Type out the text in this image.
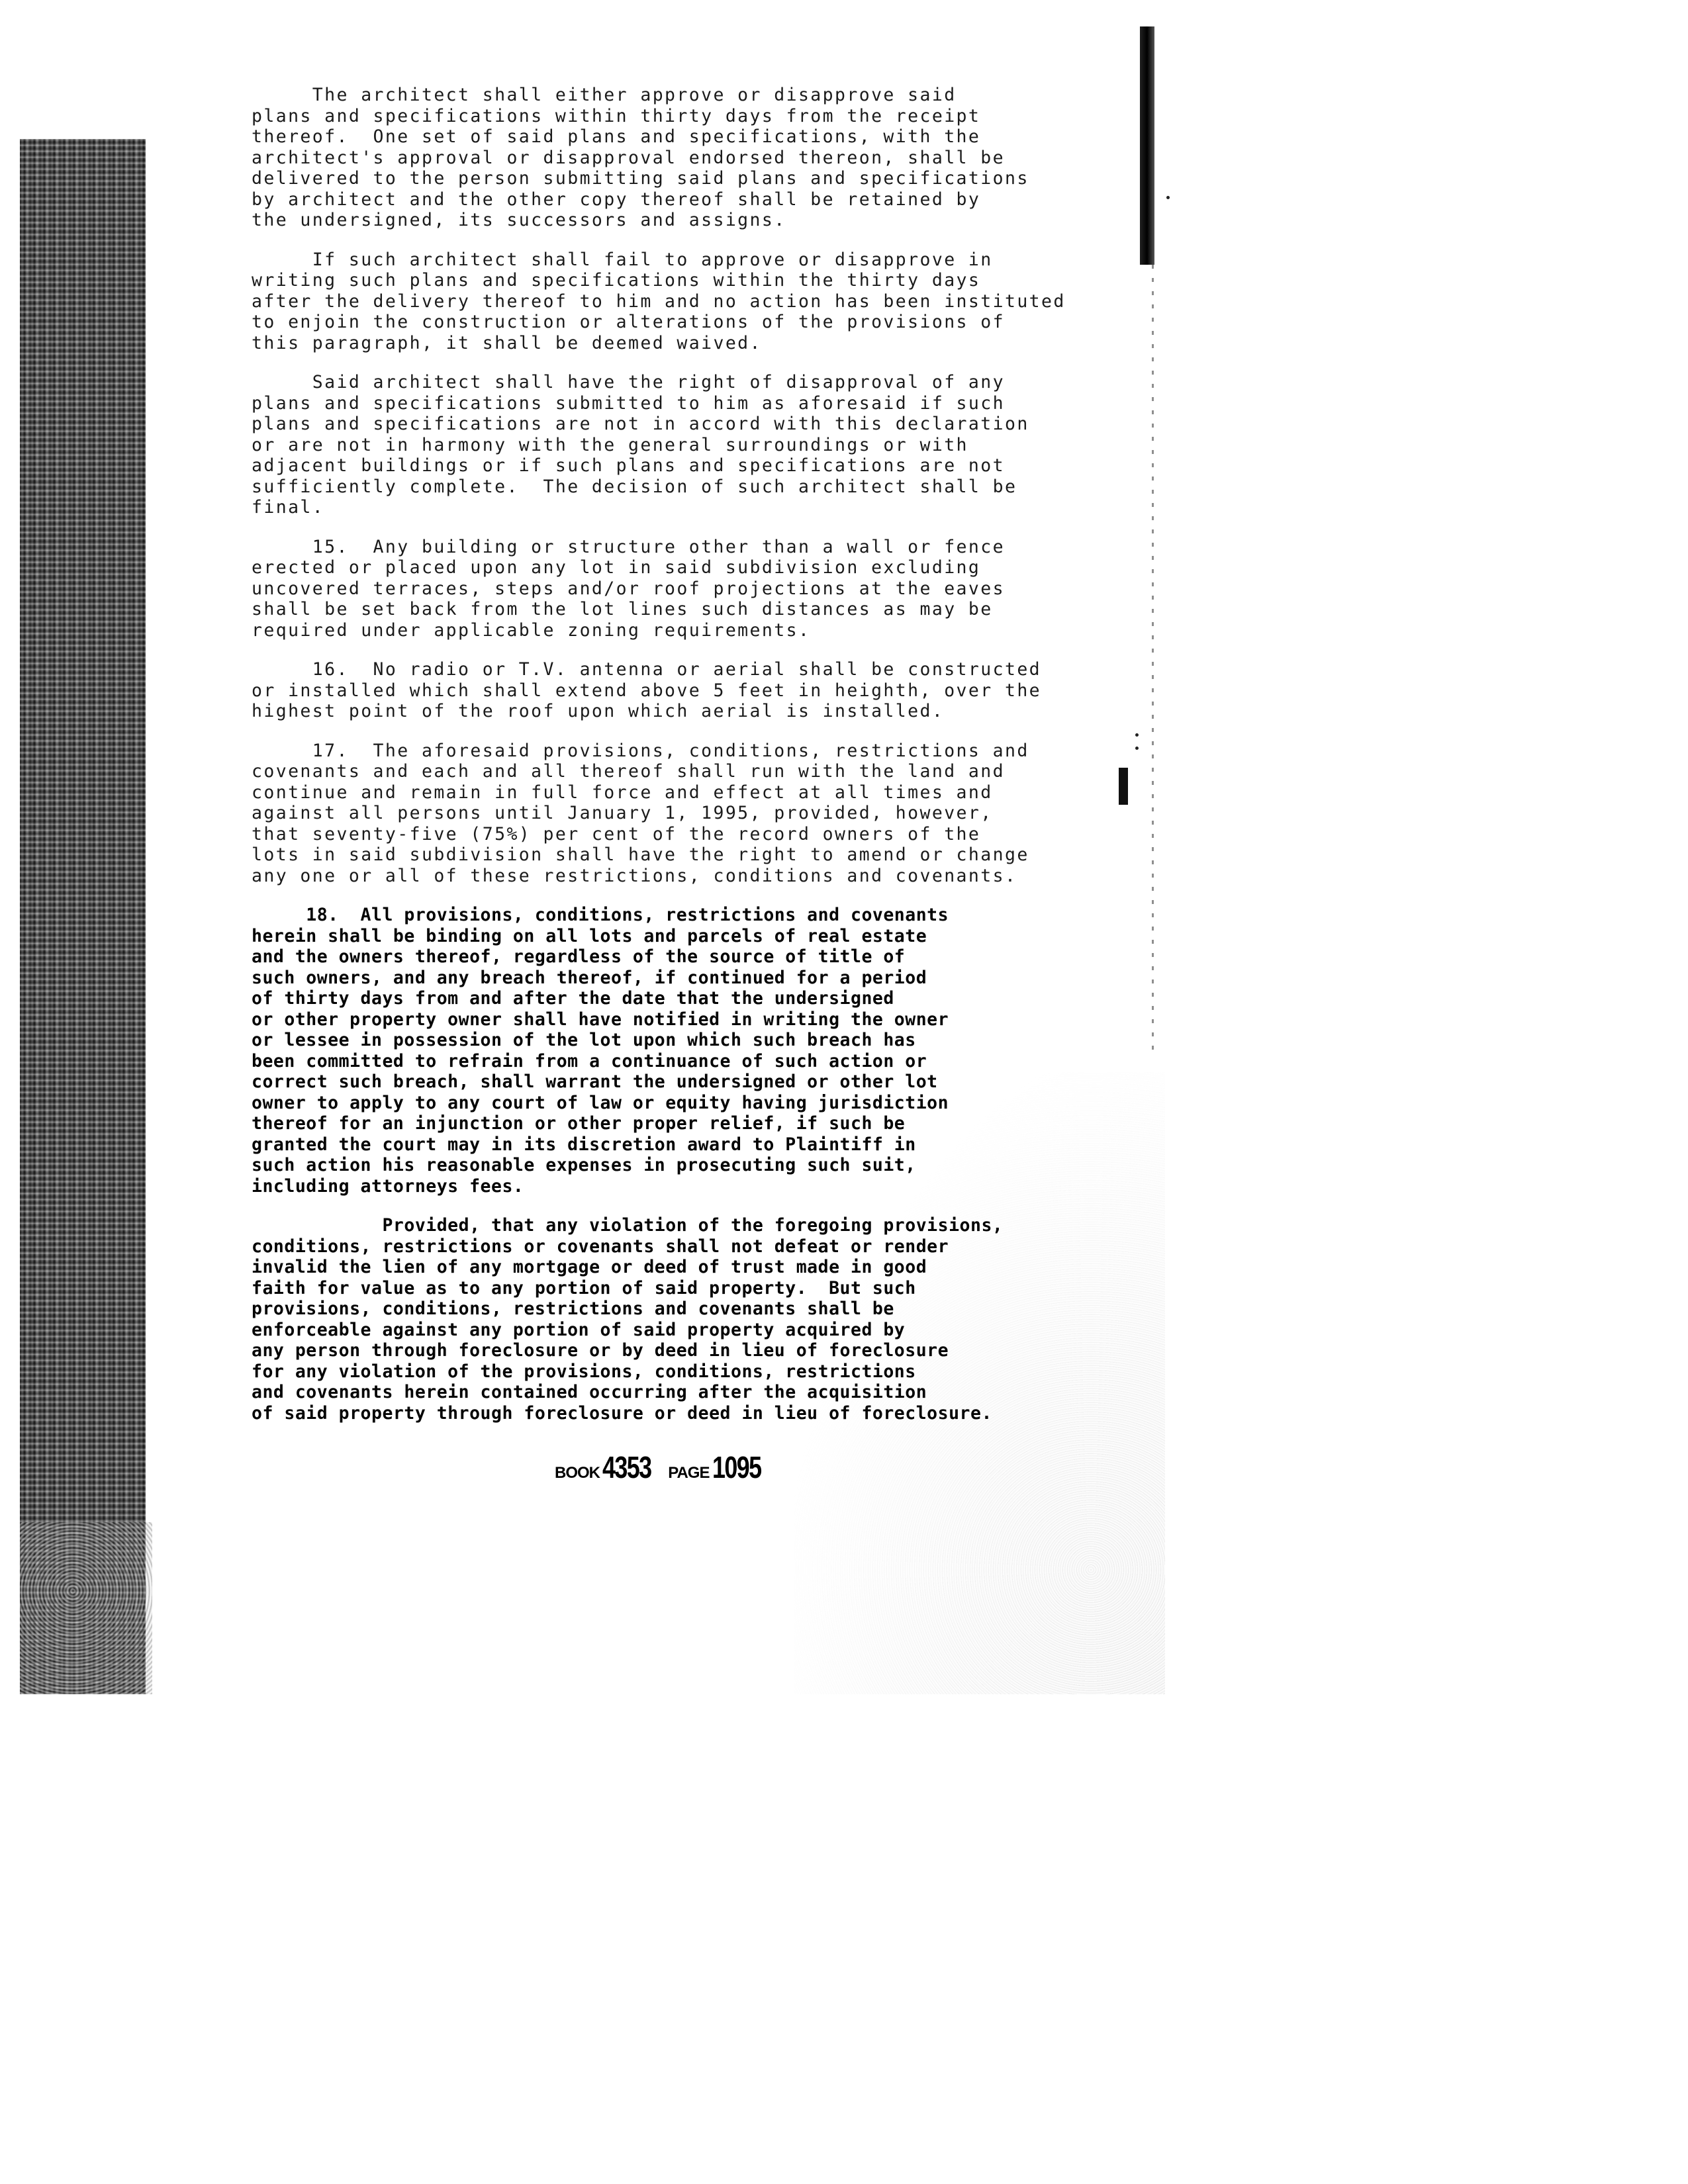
The architect shall either approve or disapprove said
plans and specifications within thirty days from the receipt
thereof.  One set of said plans and specifications, with the
architect's approval or disapproval endorsed thereon, shall be
delivered to the person submitting said plans and specifications
by architect and the other copy thereof shall be retained by
the undersigned, its successors and assigns.

If such architect shall fail to approve or disapprove in
writing such plans and specifications within the thirty days
after the delivery thereof to him and no action has been instituted
to enjoin the construction or alterations of the provisions of
this paragraph, it shall be deemed waived.

Said architect shall have the right of disapproval of any
plans and specifications submitted to him as aforesaid if such
plans and specifications are not in accord with this declaration
or are not in harmony with the general surroundings or with
adjacent buildings or if such plans and specifications are not
sufficiently complete.  The decision of such architect shall be
final.

15.  Any building or structure other than a wall or fence
erected or placed upon any lot in said subdivision excluding
uncovered terraces, steps and/or roof projections at the eaves
shall be set back from the lot lines such distances as may be
required under applicable zoning requirements.

16.  No radio or T.V. antenna or aerial shall be constructed
or installed which shall extend above 5 feet in heighth, over the
highest point of the roof upon which aerial is installed.

17.  The aforesaid provisions, conditions, restrictions and
covenants and each and all thereof shall run with the land and
continue and remain in full force and effect at all times and
against all persons until January 1, 1995, provided, however,
that seventy-five (75%) per cent of the record owners of the
lots in said subdivision shall have the right to amend or change
any one or all of these restrictions, conditions and covenants.

18.  All provisions, conditions, restrictions and covenants
herein shall be binding on all lots and parcels of real estate
and the owners thereof, regardless of the source of title of
such owners, and any breach thereof, if continued for a period
of thirty days from and after the date that the undersigned
or other property owner shall have notified in writing the owner
or lessee in possession of the lot upon which such breach has
been committed to refrain from a continuance of such action or
correct such breach, shall warrant the undersigned or other lot
owner to apply to any court of law or equity having jurisdiction
thereof for an injunction or other proper relief, if such be
granted the court may in its discretion award to Plaintiff in
such action his reasonable expenses in prosecuting such suit,
including attorneys fees.

Provided, that any violation of the foregoing provisions,
conditions, restrictions or covenants shall not defeat or render
invalid the lien of any mortgage or deed of trust made in good
faith for value as to any portion of said property.  But such
provisions, conditions, restrictions and covenants shall be
enforceable against any portion of said property acquired by
any person through foreclosure or by deed in lieu of foreclosure
for any violation of the provisions, conditions, restrictions
and covenants herein contained occurring after the acquisition
of said property through foreclosure or deed in lieu of foreclosure.

BOOK 4353 PAGE 1095
